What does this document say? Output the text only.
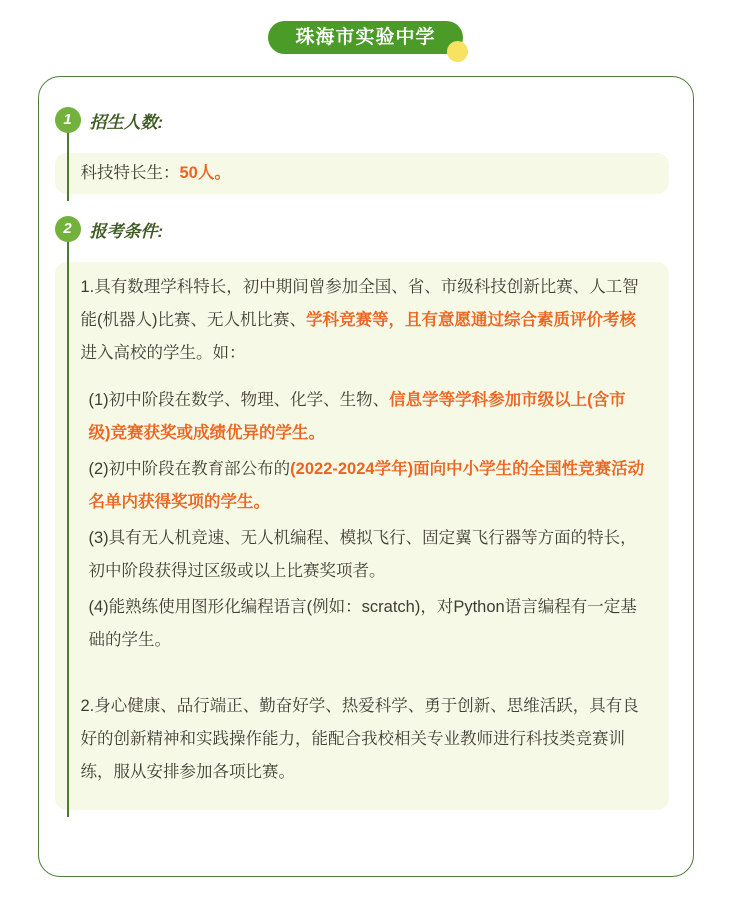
珠海市实验中学
1	招生人数:

科技特长生：50人。

2	报考条件:

1.具有数理学科特长，初中期间曾参加全国、省、市级科技创新比赛、人工智能(机器人)比赛、无人机比赛、学科竞赛等，且有意愿通过综合素质评价考核进入高校的学生。如：

(1)初中阶段在数学、物理、化学、生物、信息学等学科参加市级以上(含市级)竞赛获奖或成绩优异的学生。

(2)初中阶段在教育部公布的(2022-2024学年)面向中小学生的全国性竞赛活动名单内获得奖项的学生。

(3)具有无人机竞速、无人机编程、模拟飞行、固定翼飞行器等方面的特长，初中阶段获得过区级或以上比赛奖项者。

(4)能熟练使用图形化编程语言(例如：scratch)，对Python语言编程有一定基础的学生。

2.身心健康、品行端正、勤奋好学、热爱科学、勇于创新、思维活跃，具有良好的创新精神和实践操作能力，能配合我校相关专业教师进行科技类竞赛训练，服从安排参加各项比赛。
